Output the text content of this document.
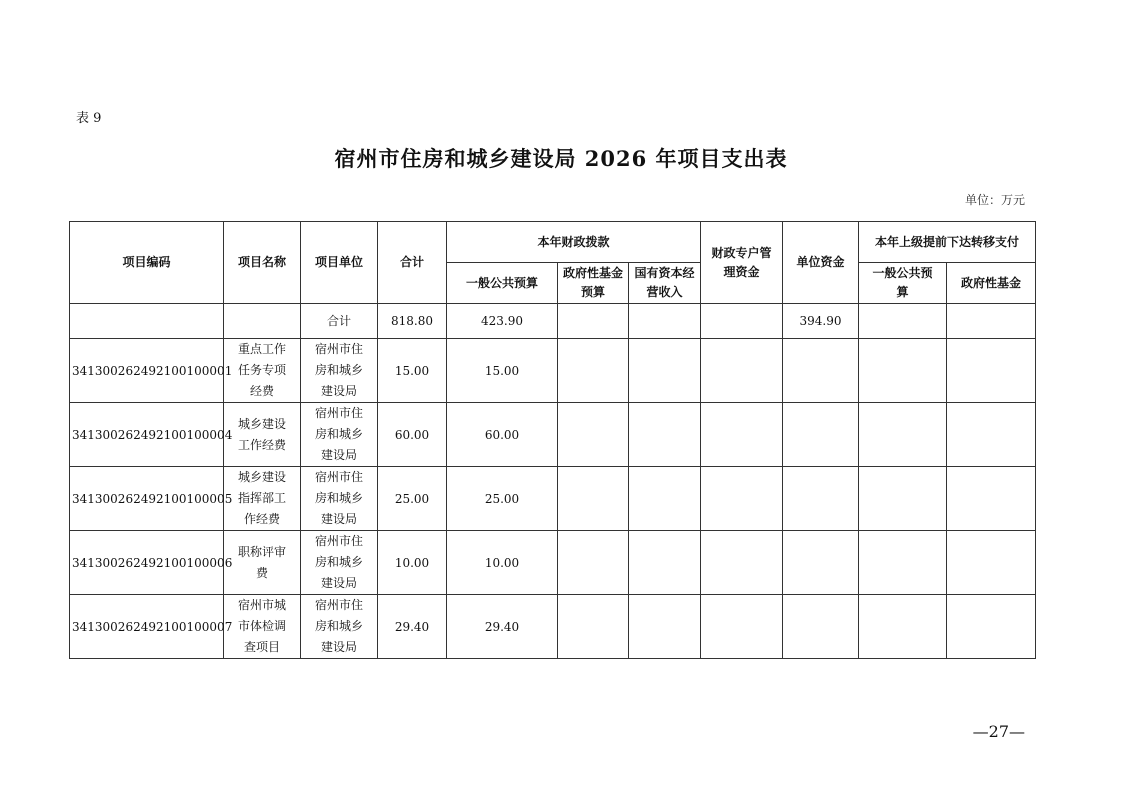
表 9
宿州市住房和城乡建设局 2026 年项目支出表
单位：万元
项目编码	项目名称	项目单位	合计	本年财政拨款			财政专户管理资金	单位资金	本年上级提前下达转移支付	
				一般公共预算	政府性基金预算	国有资本经营收入			一般公共预算	政府性基金
		合计	818.80	423.90				394.90		
341300262492100100001	重点工作任务专项经费	宿州市住房和城乡建设局	15.00	15.00						
341300262492100100004	城乡建设工作经费	宿州市住房和城乡建设局	60.00	60.00						
341300262492100100005	城乡建设指挥部工作经费	宿州市住房和城乡建设局	25.00	25.00						
341300262492100100006	职称评审费	宿州市住房和城乡建设局	10.00	10.00						
341300262492100100007	宿州市城市体检调查项目	宿州市住房和城乡建设局	29.40	29.40						
—27—
